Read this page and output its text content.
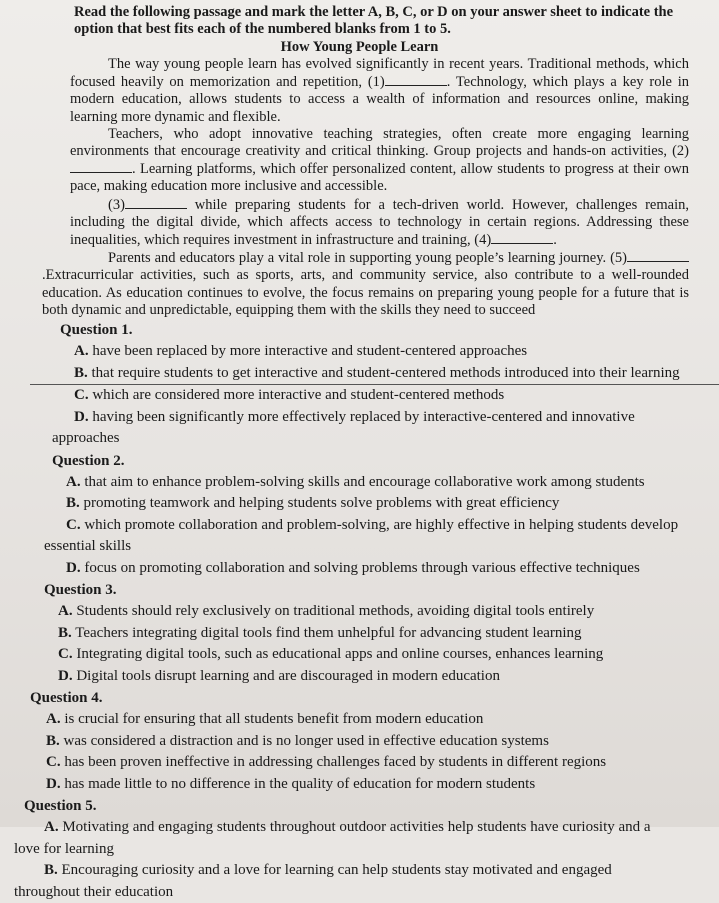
Read the following passage and mark the letter A, B, C, or D on your answer sheet to indicate the option that best fits each of the numbered blanks from 1 to 5.

How Young People Learn

The way young people learn has evolved significantly in recent years. Traditional methods, which focused heavily on memorization and repetition, (1)	. Technology, which plays a key role in modern education, allows students to access a wealth of information and resources online, making learning more dynamic and flexible.

Teachers, who adopt innovative teaching strategies, often create more engaging learning environments that encourage creativity and critical thinking. Group projects and hands-on activities, (2). Learning platforms, which offer personalized content, allow students to progress at their own pace, making education more inclusive and accessible.

(3)	while preparing students for a tech-driven world. However, challenges remain, including the digital divide, which affects access to technology in certain regions. Addressing these inequalities, which requires investment in infrastructure and training, (4)	.

Parents and educators play a vital role in supporting young people’s learning journey. (5).Extracurricular activities, such as sports, arts, and community service, also contribute to a well-rounded education. As education continues to evolve, the focus remains on preparing young people for a future that is both dynamic and unpredictable, equipping them with the skills they need to succeed

Question 1.

A. have been replaced by more interactive and student-centered approaches

B. that require students to get interactive and student-centered methods introduced into their learning

C. which are considered more interactive and student-centered methods

D. having been significantly more effectively replaced by interactive-centered and innovative

approaches

Question 2.

A. that aim to enhance problem-solving skills and encourage collaborative work among students

B. promoting teamwork and helping students solve problems with great efficiency

C. which promote collaboration and problem-solving, are highly effective in helping students develop

essential skills

D. focus on promoting collaboration and solving problems through various effective techniques

Question 3.

A. Students should rely exclusively on traditional methods, avoiding digital tools entirely

B. Teachers integrating digital tools find them unhelpful for advancing student learning

C. Integrating digital tools, such as educational apps and online courses, enhances learning

D. Digital tools disrupt learning and are discouraged in modern education

Question 4.

A. is crucial for ensuring that all students benefit from modern education

B. was considered a distraction and is no longer used in effective education systems

C. has been proven ineffective in addressing challenges faced by students in different regions

D. has made little to no difference in the quality of education for modern students

Question 5.

A. Motivating and engaging students throughout outdoor activities help students have curiosity and a

love for learning

B. Encouraging curiosity and a love for learning can help students stay motivated and engaged

throughout their education
